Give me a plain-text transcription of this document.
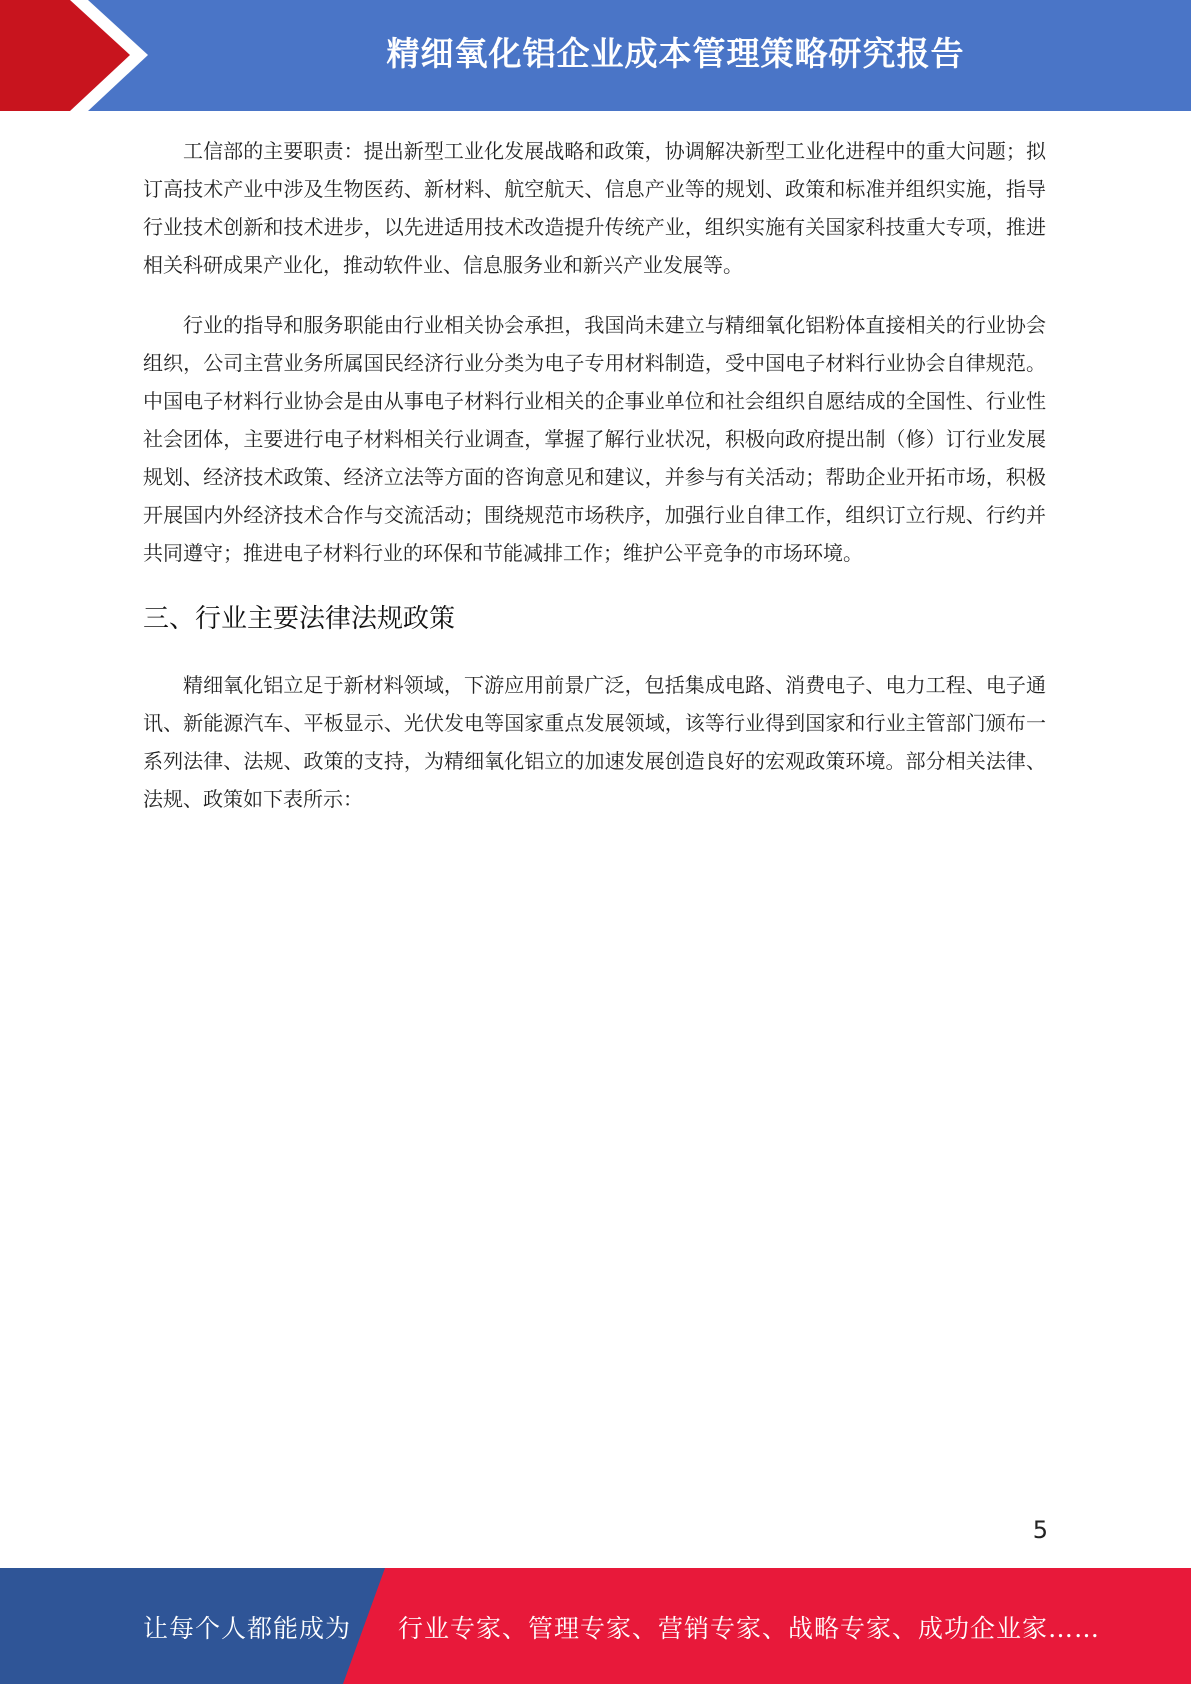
精细氧化铝企业成本管理策略研究报告

工信部的主要职责：提出新型工业化发展战略和政策，协调解决新型工业化进程中的重大问题；拟订高技术产业中涉及生物医药、新材料、航空航天、信息产业等的规划、政策和标准并组织实施，指导行业技术创新和技术进步，以先进适用技术改造提升传统产业，组织实施有关国家科技重大专项，推进相关科研成果产业化，推动软件业、信息服务业和新兴产业发展等。

行业的指导和服务职能由行业相关协会承担，我国尚未建立与精细氧化铝粉体直接相关的行业协会组织，公司主营业务所属国民经济行业分类为电子专用材料制造，受中国电子材料行业协会自律规范。中国电子材料行业协会是由从事电子材料行业相关的企事业单位和社会组织自愿结成的全国性、行业性社会团体，主要进行电子材料相关行业调查，掌握了解行业状况，积极向政府提出制（修）订行业发展规划、经济技术政策、经济立法等方面的咨询意见和建议，并参与有关活动；帮助企业开拓市场，积极开展国内外经济技术合作与交流活动；围绕规范市场秩序，加强行业自律工作，组织订立行规、行约并共同遵守；推进电子材料行业的环保和节能减排工作；维护公平竞争的市场环境。

三、行业主要法律法规政策

精细氧化铝立足于新材料领域，下游应用前景广泛，包括集成电路、消费电子、电力工程、电子通讯、新能源汽车、平板显示、光伏发电等国家重点发展领域，该等行业得到国家和行业主管部门颁布一系列法律、法规、政策的支持，为精细氧化铝立的加速发展创造良好的宏观政策环境。部分相关法律、法规、政策如下表所示：

5
让每个人都能成为 行业专家、管理专家、营销专家、战略专家、成功企业家……
